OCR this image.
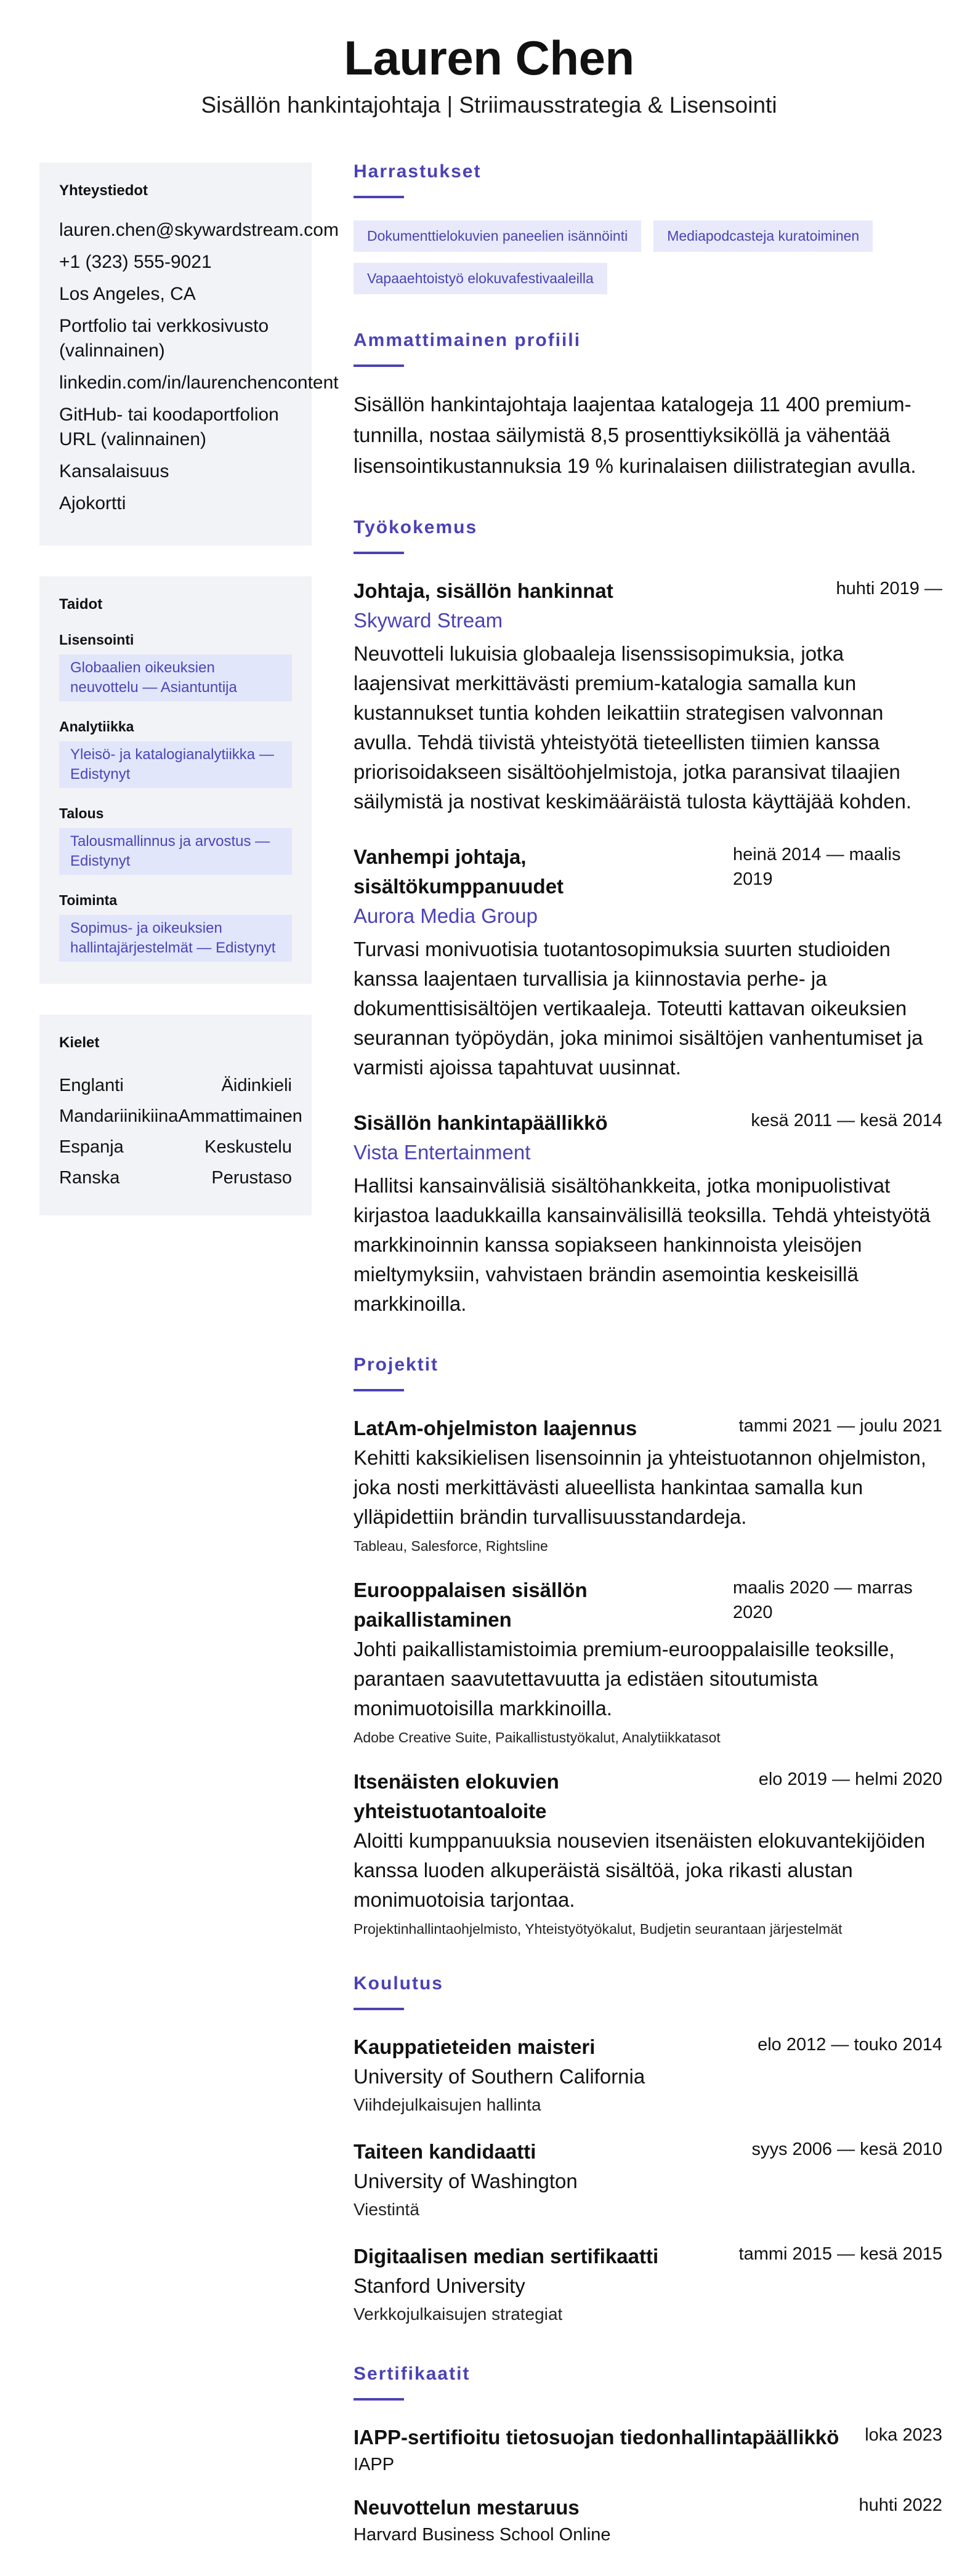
Lauren Chen
Sisällön hankintajohtaja | Striimausstrategia & Lisensointi
Yhteystiedot
lauren.chen@skywardstream.com
+1 (323) 555-9021
Los Angeles, CA
Portfolio tai verkkosivusto (valinnainen)
linkedin.com/in/laurenchencontent
GitHub- tai koodaportfolion URL (valinnainen)
Kansalaisuus
Ajokortti
Taidot
Lisensointi
Globaalien oikeuksien neuvottelu — Asiantuntija
Analytiikka
Yleisö- ja katalogianalytiikka — Edistynyt
Talous
Talousmallinnus ja arvostus — Edistynyt
Toiminta
Sopimus- ja oikeuksien hallintajärjestelmät — Edistynyt
Kielet
Englanti	Äidinkieli
Mandariinikiina Ammattimainen
Espanja	Keskustelu
Ranska	Perustaso
Harrastukset
Dokumenttielokuvien paneelien isännöinti	Mediapodcasteja kuratoiminen
Vapaaehtoistyö elokuvafestivaaleilla
Ammattimainen profiili
Sisällön hankintajohtaja laajentaa katalogeja 11 400 premium-tunnilla, nostaa säilymistä 8,5 prosenttiyksiköllä ja vähentää lisensointikustannuksia 19 % kurinalaisen diilistrategian avulla.
Työkokemus
Johtaja, sisällön hankinnat	huhti 2019 —
Skyward Stream
Neuvotteli lukuisia globaaleja lisenssisopimuksia, jotka laajensivat merkittävästi premium-katalogia samalla kun kustannukset tuntia kohden leikattiin strategisen valvonnan avulla. Tehdä tiivistä yhteistyötä tieteellisten tiimien kanssa priorisoidakseen sisältöohjelmistoja, jotka paransivat tilaajien säilymistä ja nostivat keskimääräistä tulosta käyttäjää kohden.
Vanhempi johtaja, sisältökumppanuudet
heinä 2014 — maalis 2019
Aurora Media Group
Turvasi monivuotisia tuotantosopimuksia suurten studioiden kanssa laajentaen turvallisia ja kiinnostavia perhe- ja dokumenttisisältöjen vertikaaleja. Toteutti kattavan oikeuksien seurannan työpöydän, joka minimoi sisältöjen vanhentumiset ja varmisti ajoissa tapahtuvat uusinnat.
Sisällön hankintapäällikkö	kesä 2011 — kesä 2014
Vista Entertainment
Hallitsi kansainvälisiä sisältöhankkeita, jotka monipuolistivat kirjastoa laadukkailla kansainvälisillä teoksilla. Tehdä yhteistyötä markkinoinnin kanssa sopiakseen hankinnoista yleisöjen mieltymyksiin, vahvistaen brändin asemointia keskeisillä markkinoilla.
Projektit
LatAm-ohjelmiston laajennus	tammi 2021 — joulu 2021
Kehitti kaksikielisen lisensoinnin ja yhteistuotannon ohjelmiston, joka nosti merkittävästi alueellista hankintaa samalla kun ylläpidettiin brändin turvallisuusstandardeja.
Tableau, Salesforce, Rightsline
Eurooppalaisen sisällön paikallistaminen
maalis 2020 — marras 2020
Johti paikallistamistoimia premium-eurooppalaisille teoksille, parantaen saavutettavuutta ja edistäen sitoutumista monimuotoisilla markkinoilla.
Adobe Creative Suite, Paikallistustyökalut, Analytiikkatasot
Itsenäisten elokuvien yhteistuotantoaloite
elo 2019 — helmi 2020
Aloitti kumppanuuksia nousevien itsenäisten elokuvantekijöiden kanssa luoden alkuperäistä sisältöä, joka rikasti alustan monimuotoisia tarjontaa.
Projektinhallintaohjelmisto, Yhteistyötyökalut, Budjetin seurantaan järjestelmät
Koulutus
Kauppatieteiden maisteri	elo 2012 — touko 2014
University of Southern California
Viihdejulkaisujen hallinta
Taiteen kandidaatti	syys 2006 — kesä 2010
University of Washington
Viestintä
Digitaalisen median sertifikaatti	tammi 2015 — kesä 2015
Stanford University
Verkkojulkaisujen strategiat
Sertifikaatit
IAPP-sertifioitu tietosuojan tiedonhallintapäällikkö loka 2023
IAPP
Neuvottelun mestaruus	huhti 2022
Harvard Business School Online
